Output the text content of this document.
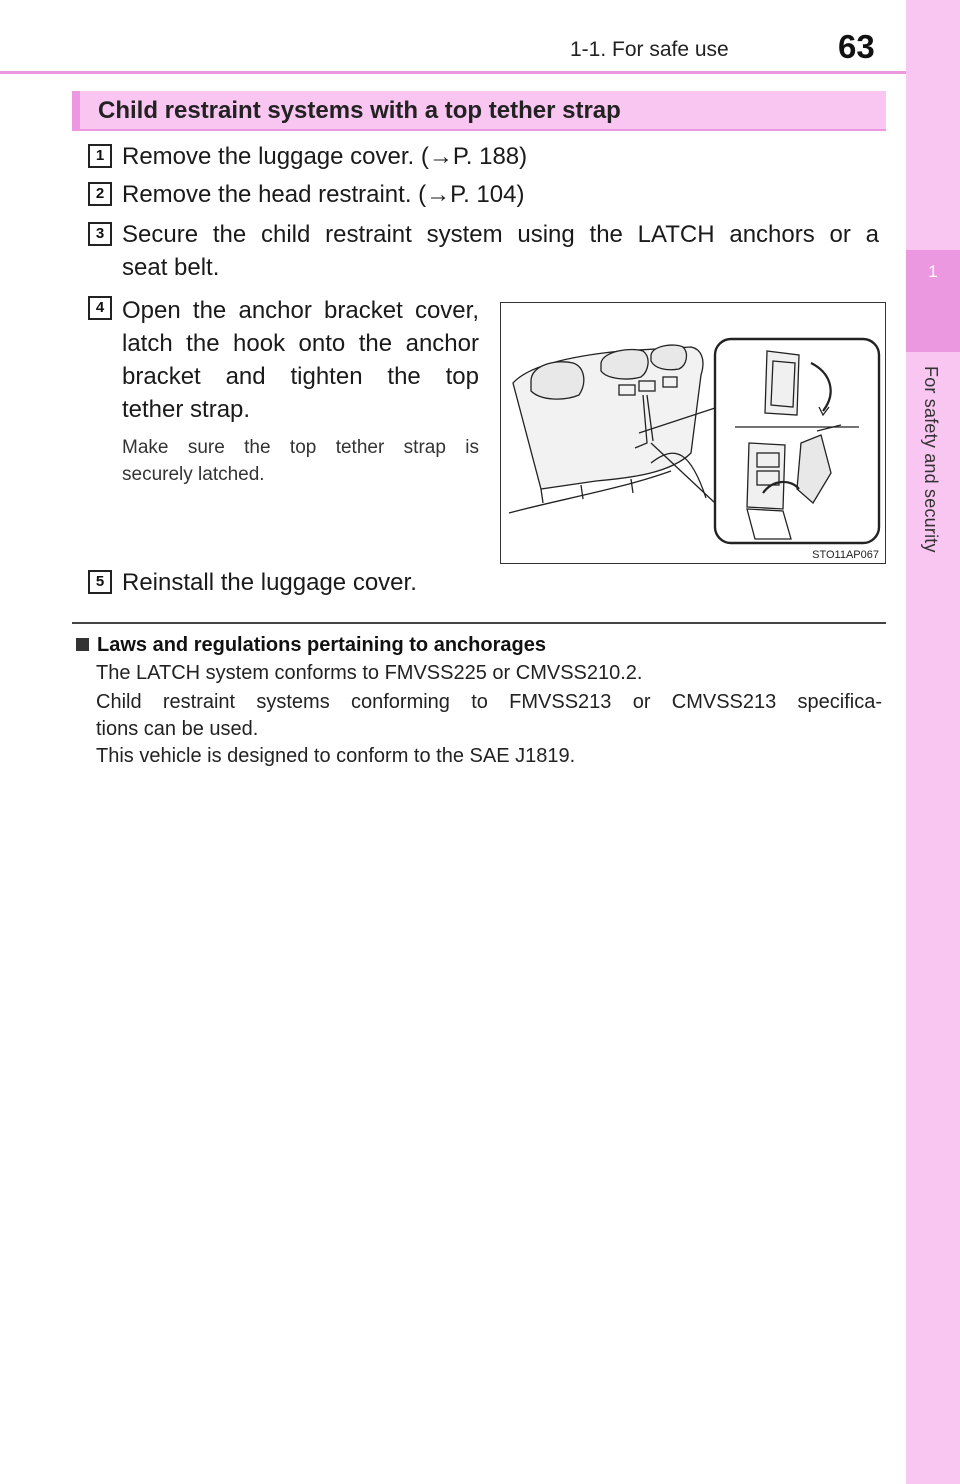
1
For safety and security
1-1. For safe use	63
Child restraint systems with a top tether strap
1 Remove the luggage cover. (→P. 188)
2 Remove the head restraint. (→P. 104)
3 Secure the child restraint system using the LATCH anchors or a
seat belt.
4 Open the anchor bracket cover,
latch the hook onto the anchor
bracket and tighten the top
tether strap.
Make sure the top tether strap is
securely latched.
STO11AP067
5 Reinstall the luggage cover.
Laws and regulations pertaining to anchorages
The LATCH system conforms to FMVSS225 or CMVSS210.2.
Child restraint systems conforming to FMVSS213 or CMVSS213 specifica-
tions can be used.
This vehicle is designed to conform to the SAE J1819.
